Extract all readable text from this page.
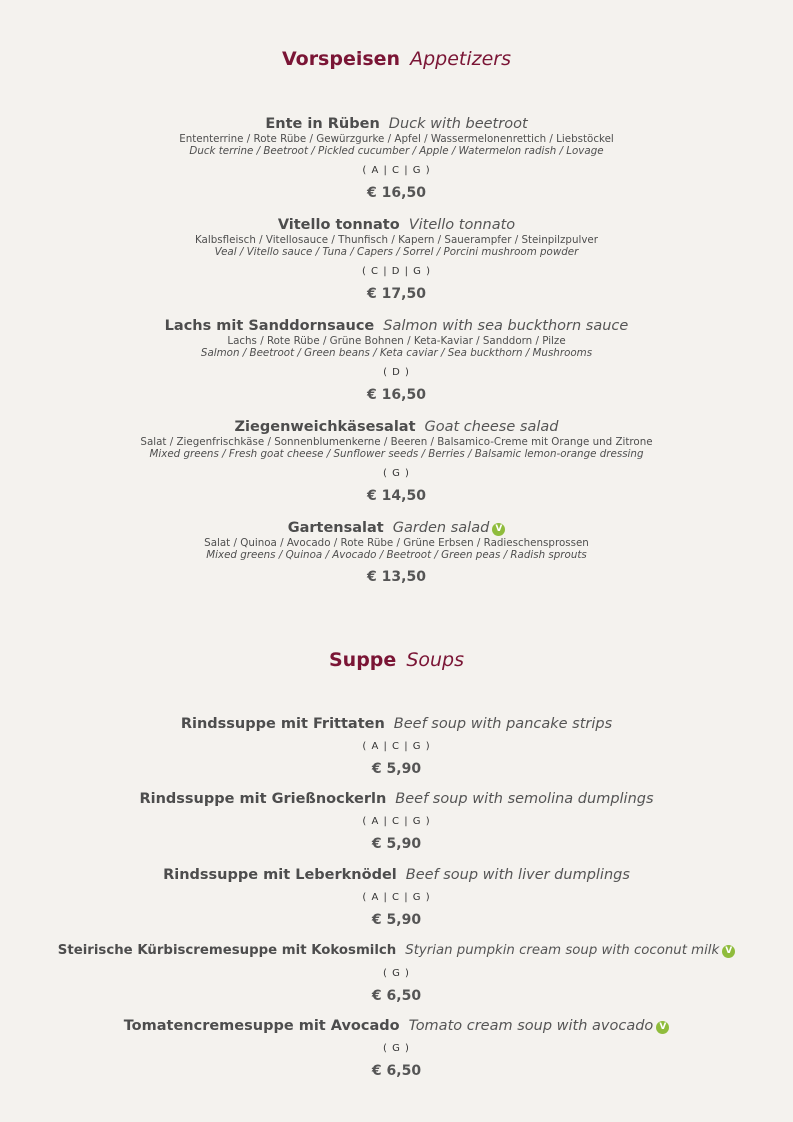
Vorspeisen Appetizers
Ente in Rüben Duck with beetroot
Ententerrine / Rote Rübe / Gewürzgurke / Apfel / Wassermelonenrettich / Liebstöckel
Duck terrine / Beetroot / Pickled cucumber / Apple / Watermelon radish / Lovage
( A | C | G )
€ 16,50
Vitello tonnato Vitello tonnato
Kalbsfleisch / Vitellosauce / Thunfisch / Kapern / Sauerampfer / Steinpilzpulver
Veal / Vitello sauce / Tuna / Capers / Sorrel / Porcini mushroom powder
( C | D | G )
€ 17,50
Lachs mit Sanddornsauce Salmon with sea buckthorn sauce
Lachs / Rote Rübe / Grüne Bohnen / Keta-Kaviar / Sanddorn / Pilze
Salmon / Beetroot / Green beans / Keta caviar / Sea buckthorn / Mushrooms
( D )
€ 16,50
Ziegenweichkäsesalat Goat cheese salad
Salat / Ziegenfrischkäse / Sonnenblumenkerne / Beeren / Balsamico-Creme mit Orange und Zitrone
Mixed greens / Fresh goat cheese / Sunflower seeds / Berries / Balsamic lemon-orange dressing
( G )
€ 14,50
Gartensalat Garden salad V
Salat / Quinoa / Avocado / Rote Rübe / Grüne Erbsen / Radieschensprossen
Mixed greens / Quinoa / Avocado / Beetroot / Green peas / Radish sprouts
€ 13,50
Suppe Soups
Rindssuppe mit Frittaten Beef soup with pancake strips
( A | C | G )
€ 5,90
Rindssuppe mit Grießnockerln Beef soup with semolina dumplings
( A | C | G )
€ 5,90
Rindssuppe mit Leberknödel Beef soup with liver dumplings
( A | C | G )
€ 5,90
Steirische Kürbiscremesuppe mit Kokosmilch Styrian pumpkin cream soup with coconut milk V
( G )
€ 6,50
Tomatencremesuppe mit Avocado Tomato cream soup with avocado V
( G )
€ 6,50
